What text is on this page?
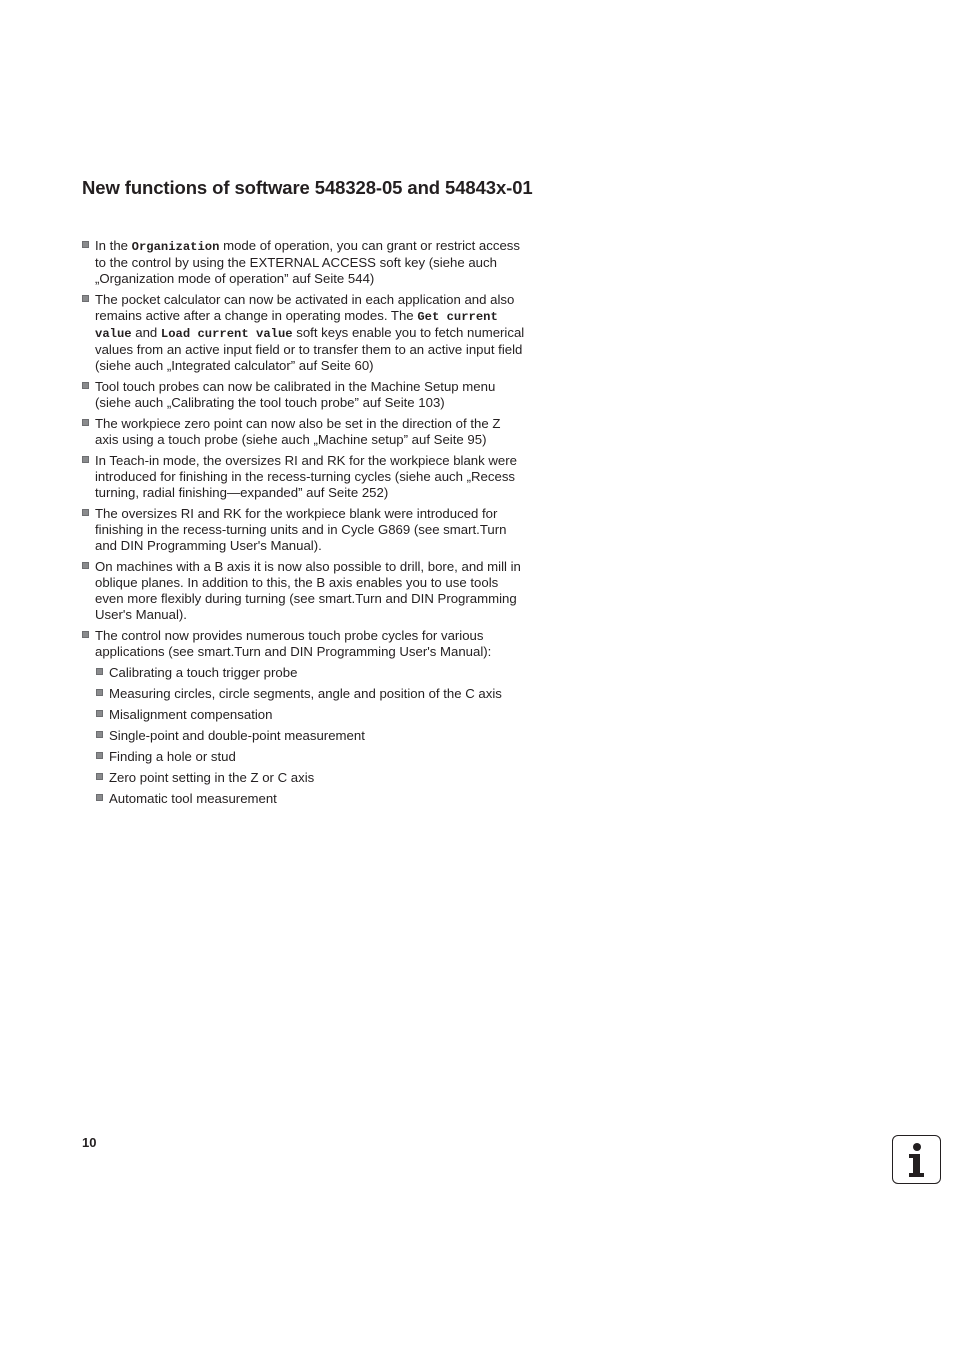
New functions of software 548328-05 and 54843x-01
In the Organization mode of operation, you can grant or restrict access to the control by using the EXTERNAL ACCESS soft key (siehe auch „Organization mode of operation” auf Seite 544)
The pocket calculator can now be activated in each application and also remains active after a change in operating modes. The Get current value and Load current value soft keys enable you to fetch numerical values from an active input field or to transfer them to an active input field (siehe auch „Integrated calculator” auf Seite 60)
Tool touch probes can now be calibrated in the Machine Setup menu (siehe auch „Calibrating the tool touch probe” auf Seite 103)
The workpiece zero point can now also be set in the direction of the Z axis using a touch probe (siehe auch „Machine setup” auf Seite 95)
In Teach-in mode, the oversizes RI and RK for the workpiece blank were introduced for finishing in the recess-turning cycles (siehe auch „Recess turning, radial finishing—expanded” auf Seite 252)
The oversizes RI and RK for the workpiece blank were introduced for finishing in the recess-turning units and in Cycle G869 (see smart.Turn and DIN Programming User's Manual).
On machines with a B axis it is now also possible to drill, bore, and mill in oblique planes. In addition to this, the B axis enables you to use tools even more flexibly during turning (see smart.Turn and DIN Programming User's Manual).
The control now provides numerous touch probe cycles for various applications (see smart.Turn and DIN Programming User's Manual):
Calibrating a touch trigger probe
Measuring circles, circle segments, angle and position of the C axis
Misalignment compensation
Single-point and double-point measurement
Finding a hole or stud
Zero point setting in the Z or C axis
Automatic tool measurement
10
